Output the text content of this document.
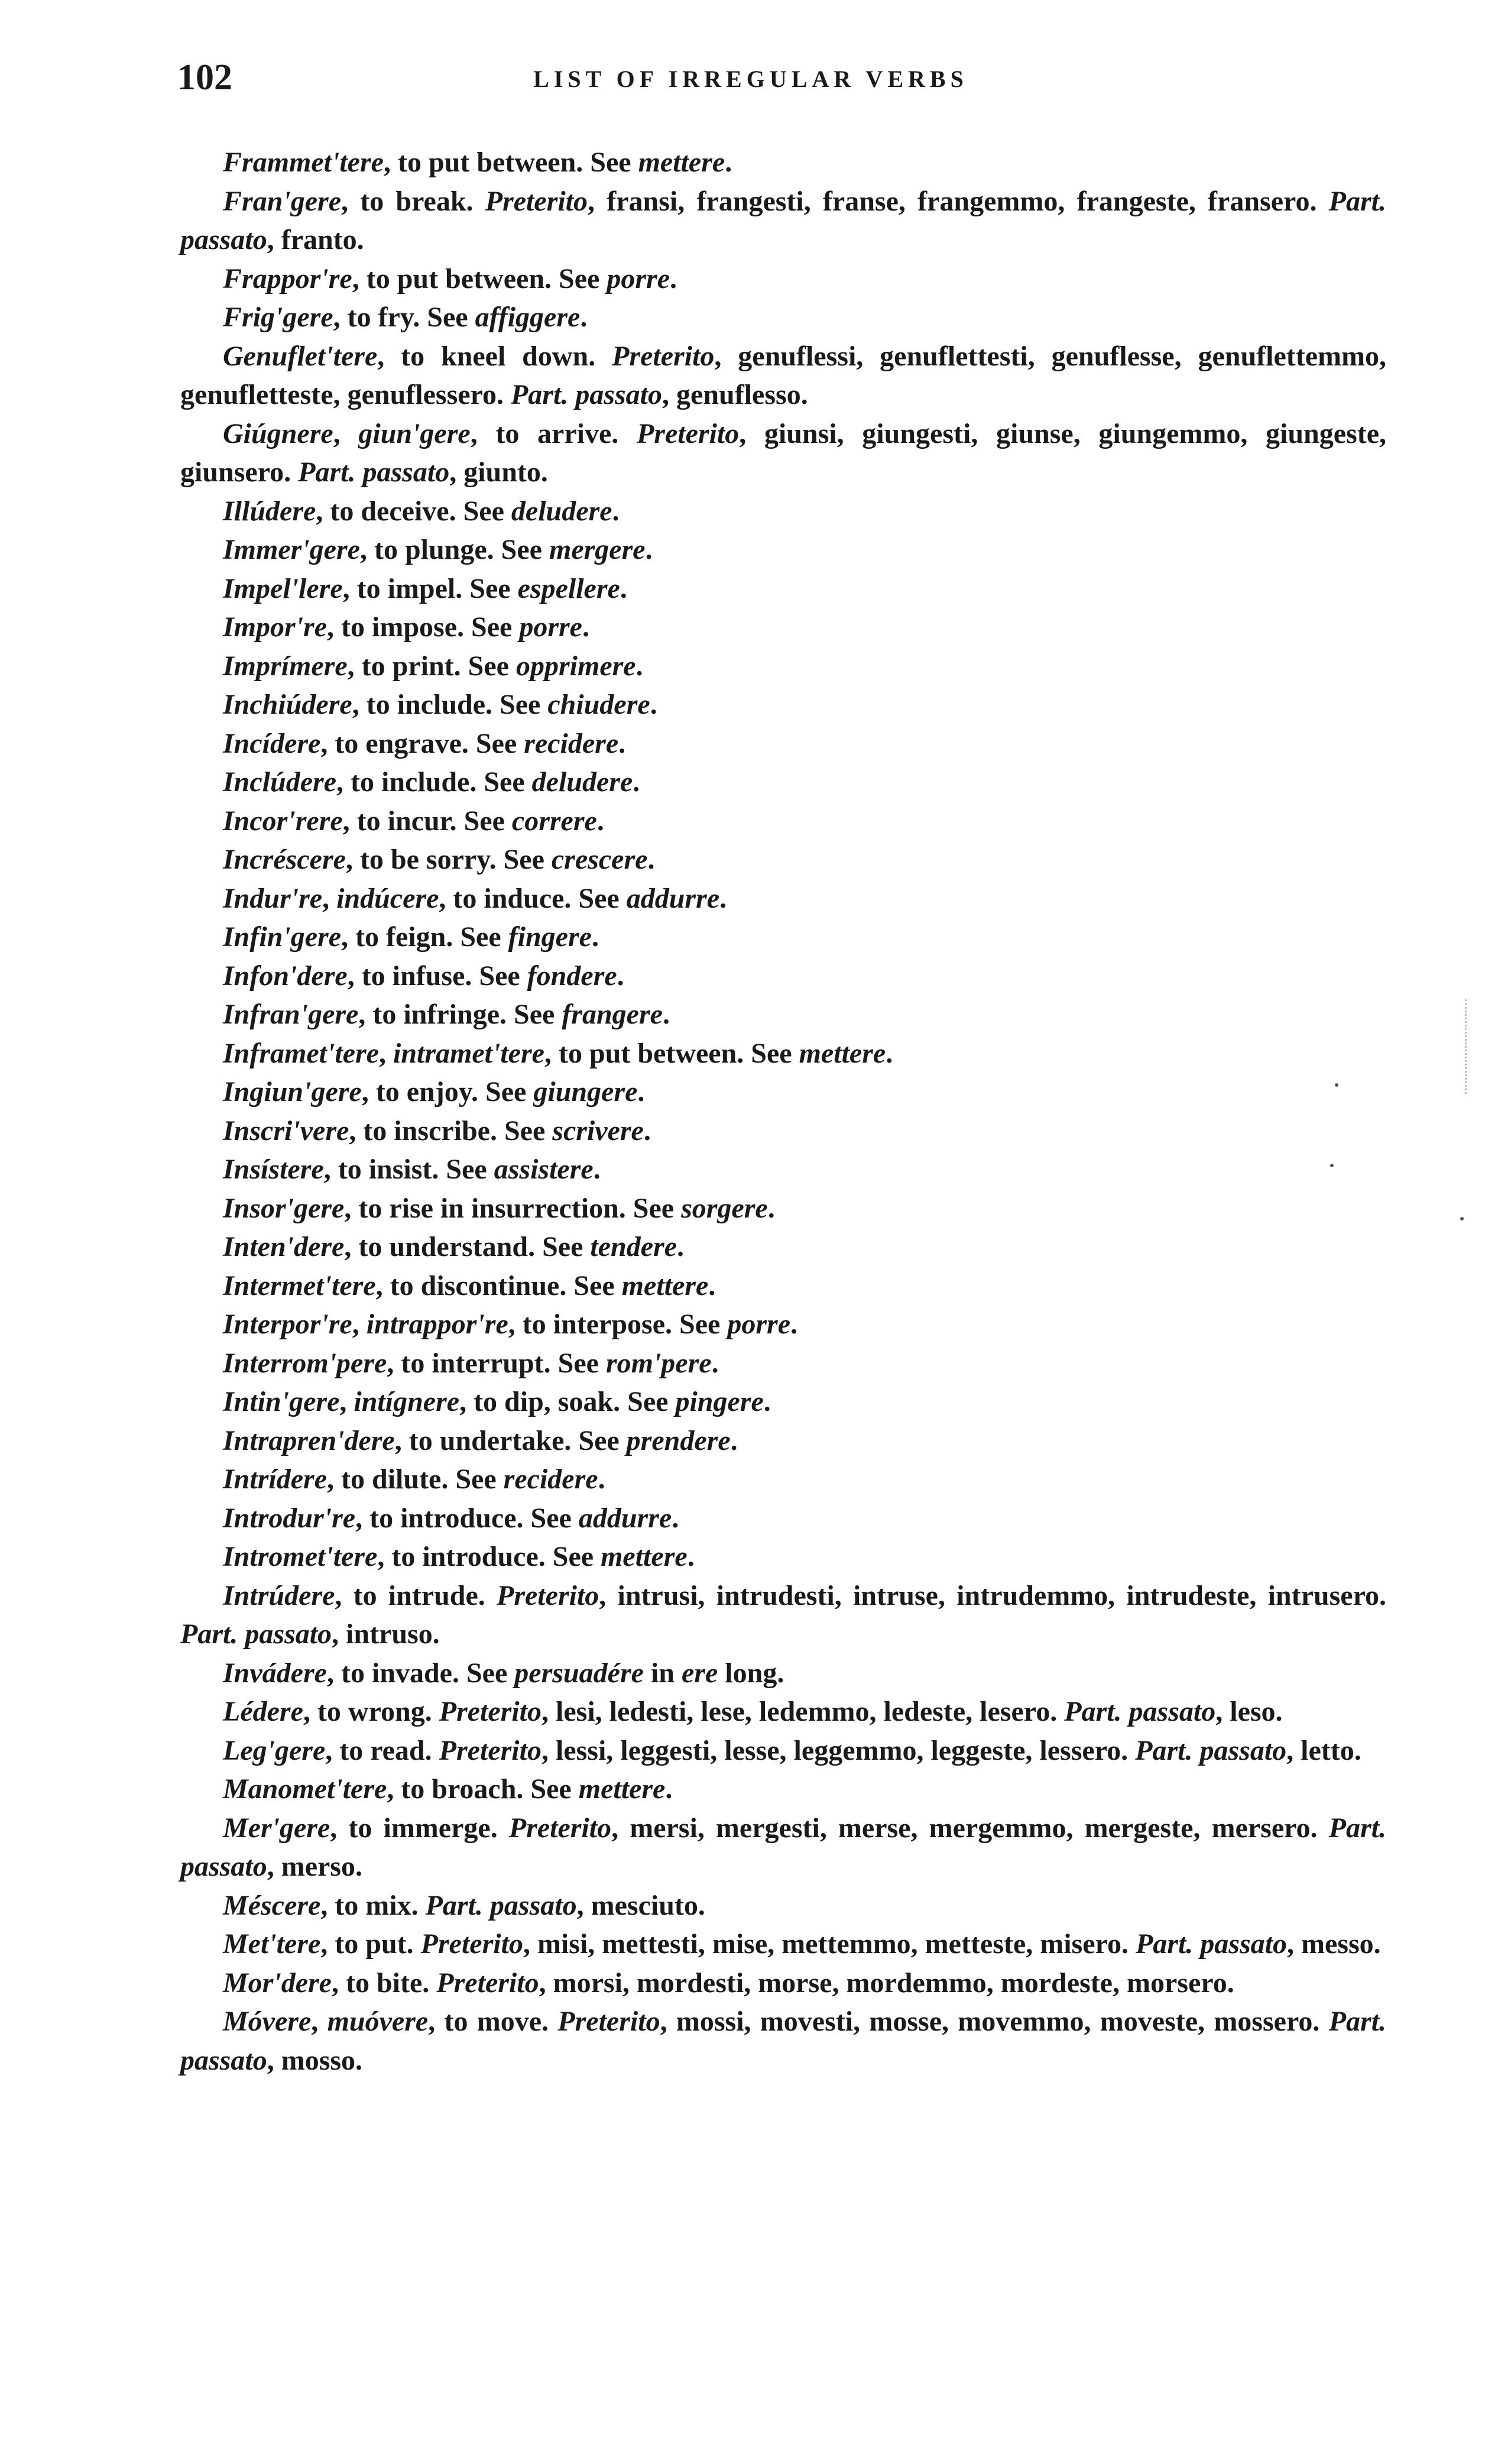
102	LIST OF IRREGULAR VERBS

Frammet'tere, to put between. See mettere.

Fran'gere, to break. Preterito, fransi, frangesti, franse, frangemmo, frangeste, fransero. Part. passato, franto.

Frappor're, to put between. See porre.

Frig'gere, to fry. See affiggere.

Genuflet'tere, to kneel down. Preterito, genuflessi, genuflettesti, genuflesse, genuflettemmo, genufletteste, genuflessero. Part. passato, genuflesso.

Giúgnere, giun'gere, to arrive. Preterito, giunsi, giungesti, giunse, giungemmo, giungeste, giunsero. Part. passato, giunto.

Illúdere, to deceive. See deludere.

Immer'gere, to plunge. See mergere.

Impel'lere, to impel. See espellere.

Impor're, to impose. See porre.

Imprímere, to print. See opprimere.

Inchiúdere, to include. See chiudere.

Incídere, to engrave. See recidere.

Inclúdere, to include. See deludere.

Incor'rere, to incur. See correre.

Incréscere, to be sorry. See crescere.

Indur're, indúcere, to induce. See addurre.

Infin'gere, to feign. See fingere.

Infon'dere, to infuse. See fondere.

Infran'gere, to infringe. See frangere.

Inframet'tere, intramet'tere, to put between. See mettere.

Ingiun'gere, to enjoy. See giungere.

Inscri'vere, to inscribe. See scrivere.

Insístere, to insist. See assistere.

Insor'gere, to rise in insurrection. See sorgere.

Inten'dere, to understand. See tendere.

Intermet'tere, to discontinue. See mettere.

Interpor're, intrappor're, to interpose. See porre.

Interrom'pere, to interrupt. See rom'pere.

Intin'gere, intígnere, to dip, soak. See pingere.

Intrapren'dere, to undertake. See prendere.

Intrídere, to dilute. See recidere.

Introdur're, to introduce. See addurre.

Intromet'tere, to introduce. See mettere.

Intrúdere, to intrude. Preterito, intrusi, intrudesti, intruse, intrudemmo, intrudeste, intrusero. Part. passato, intruso.

Invádere, to invade. See persuadére in ere long.

Lédere, to wrong. Preterito, lesi, ledesti, lese, ledemmo, ledeste, lesero. Part. passato, leso.

Leg'gere, to read. Preterito, lessi, leggesti, lesse, leggemmo, leggeste, lessero. Part. passato, letto.

Manomet'tere, to broach. See mettere.

Mer'gere, to immerge. Preterito, mersi, mergesti, merse, mergemmo, mergeste, mersero. Part. passato, merso.

Méscere, to mix. Part. passato, mesciuto.

Met'tere, to put. Preterito, misi, mettesti, mise, mettemmo, metteste, misero. Part. passato, messo.

Mor'dere, to bite. Preterito, morsi, mordesti, morse, mordemmo, mordeste, morsero.

Móvere, muóvere, to move. Preterito, mossi, movesti, mosse, movemmo, moveste, mossero. Part. passato, mosso.
